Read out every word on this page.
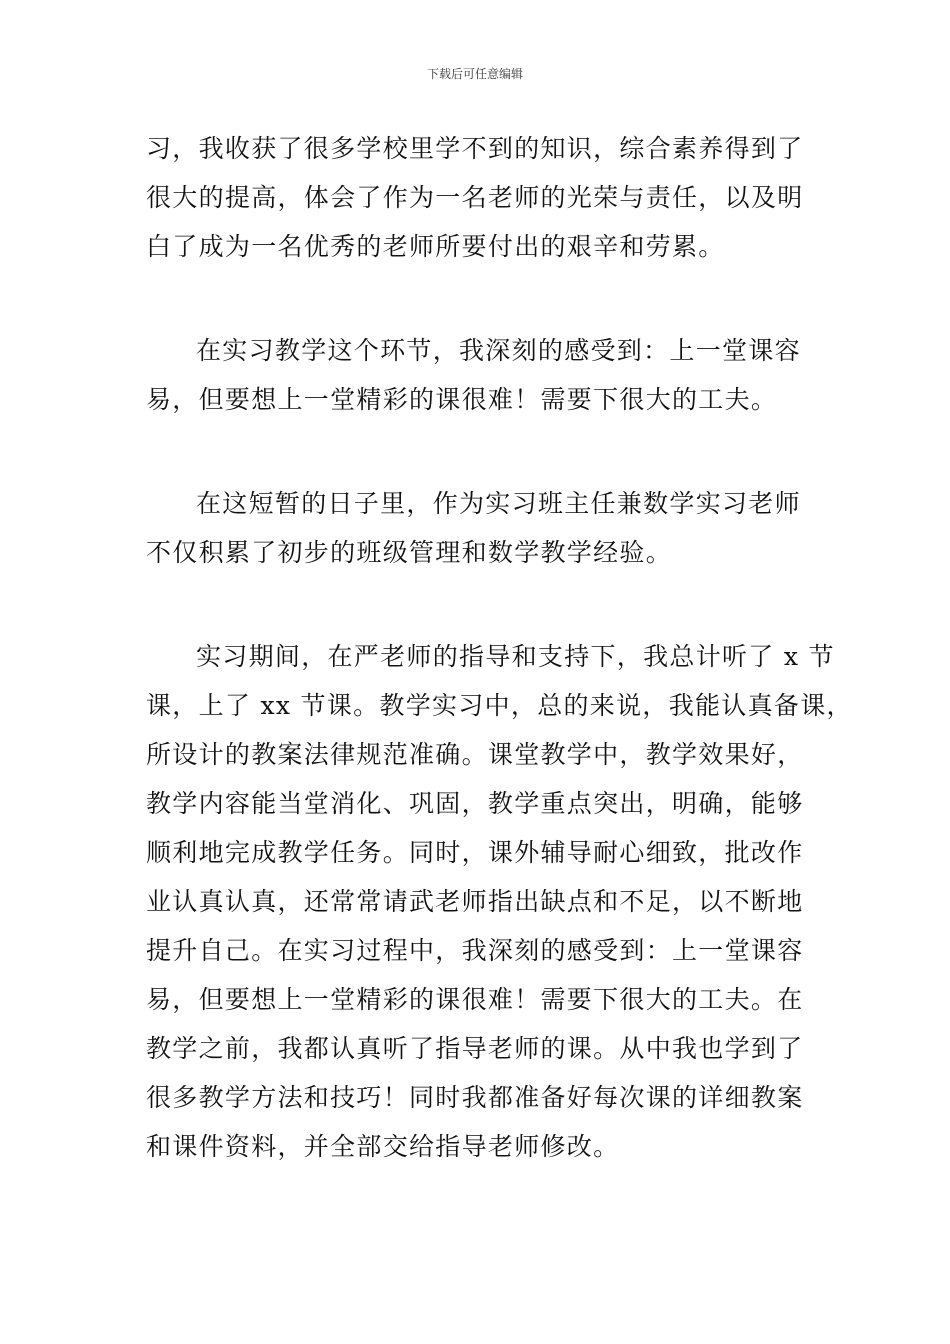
下载后可任意编辑
习，我收获了很多学校里学不到的知识，综合素养得到了
很大的提高，体会了作为一名老师的光荣与责任，以及明
白了成为一名优秀的老师所要付出的艰辛和劳累。
在实习教学这个环节，我深刻的感受到：上一堂课容
易，但要想上一堂精彩的课很难！需要下很大的工夫。
在这短暂的日子里，作为实习班主任兼数学实习老师
不仅积累了初步的班级管理和数学教学经验。
实习期间，在严老师的指导和支持下，我总计听了 x 节
课，上了 xx 节课。教学实习中，总的来说，我能认真备课，
所设计的教案法律规范准确。课堂教学中，教学效果好，
教学内容能当堂消化、巩固，教学重点突出，明确，能够
顺利地完成教学任务。同时，课外辅导耐心细致，批改作
业认真认真，还常常请武老师指出缺点和不足，以不断地
提升自己。在实习过程中，我深刻的感受到：上一堂课容
易，但要想上一堂精彩的课很难！需要下很大的工夫。在
教学之前，我都认真听了指导老师的课。从中我也学到了
很多教学方法和技巧！同时我都准备好每次课的详细教案
和课件资料，并全部交给指导老师修改。
